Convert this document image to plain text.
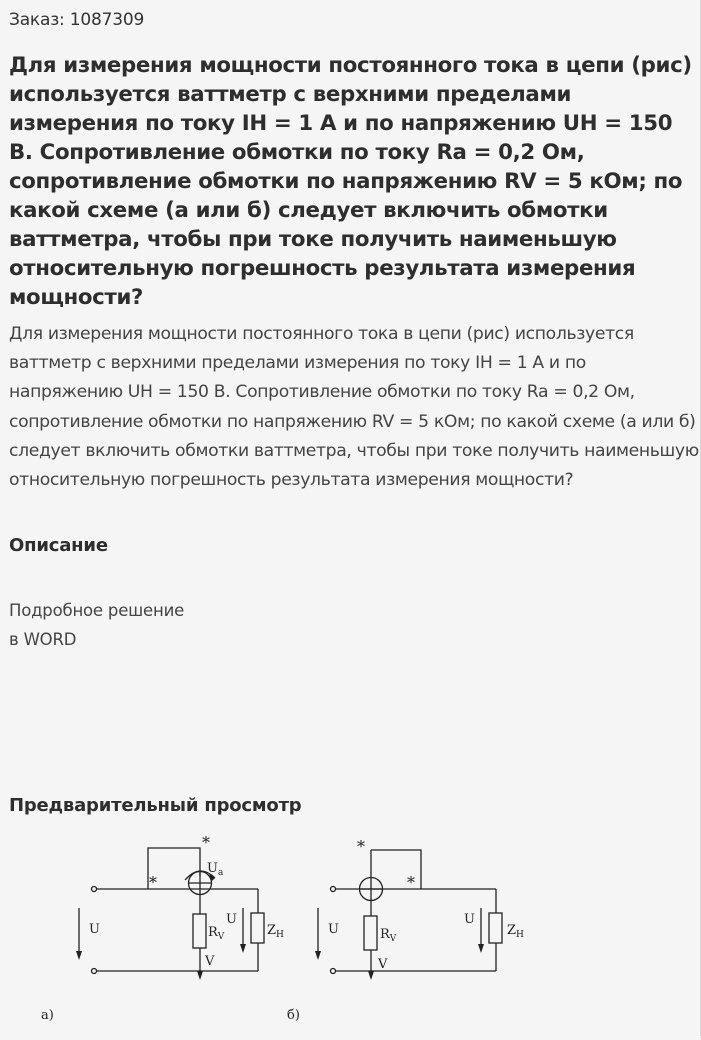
Заказ: 1087309
Для измерения мощности постоянного тока в цепи (рис) используется ваттметр с верхними пределами измерения по току IН = 1 А и по напряжению UН = 150 В. Сопротивление обмотки по току Ra = 0,2 Ом, сопротивление обмотки по напряжению RV = 5 кОм; по какой схеме (а или б) следует включить обмотки ваттметра, чтобы при токе получить наименьшую относительную погрешность результата измерения мощности?
Для измерения мощности постоянного тока в цепи (рис) используется ваттметр с верхними пределами измерения по току IН = 1 А и по напряжению UН = 150 В. Сопротивление обмотки по току Ra = 0,2 Ом, сопротивление обмотки по напряжению RV = 5 кОм; по какой схеме (а или б) следует включить обмотки ваттметра, чтобы при токе получить наименьшую относительную погрешность результата измерения мощности?
Описание
Подробное решение
в WORD
Предварительный просмотр
*
*
$U_a$
U	$R_V$
U
$Z_H$
V
а)
*
*
U	$R_V$
U
$Z_H$
V
б)
